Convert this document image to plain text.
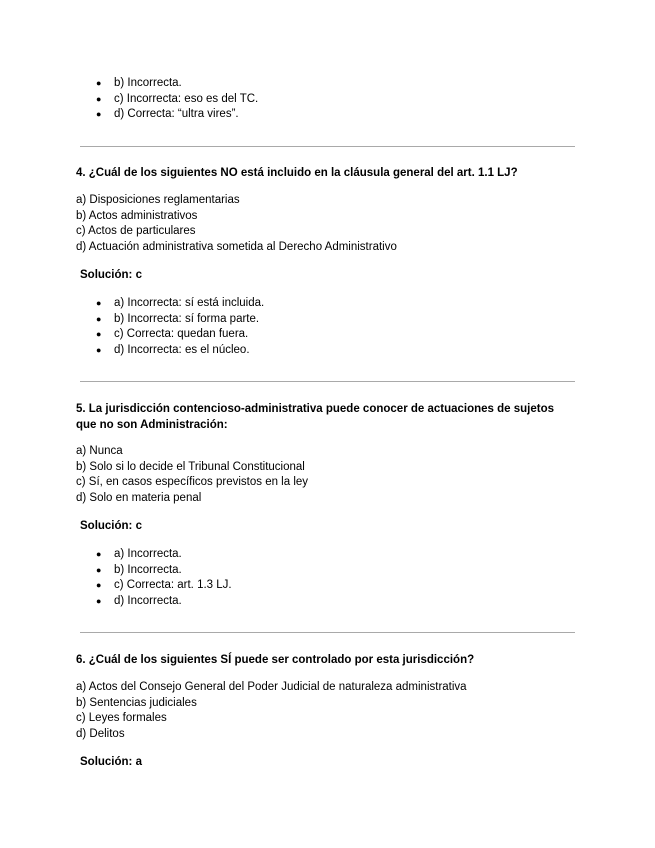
● b) Incorrecta.
● c) Incorrecta: eso es del TC.
● d) Correcta: “ultra vires”.
4. ¿Cuál de los siguientes NO está incluido en la cláusula general del art. 1.1 LJ?
a) Disposiciones reglamentarias
b) Actos administrativos
c) Actos de particulares
d) Actuación administrativa sometida al Derecho Administrativo
Solución: c
● a) Incorrecta: sí está incluida.
● b) Incorrecta: sí forma parte.
● c) Correcta: quedan fuera.
● d) Incorrecta: es el núcleo.
5. La jurisdicción contencioso-administrativa puede conocer de actuaciones de sujetos que no son Administración:
a) Nunca
b) Solo si lo decide el Tribunal Constitucional
c) Sí, en casos específicos previstos en la ley
d) Solo en materia penal
Solución: c
● a) Incorrecta.
● b) Incorrecta.
● c) Correcta: art. 1.3 LJ.
● d) Incorrecta.
6. ¿Cuál de los siguientes SÍ puede ser controlado por esta jurisdicción?
a) Actos del Consejo General del Poder Judicial de naturaleza administrativa
b) Sentencias judiciales
c) Leyes formales
d) Delitos
Solución: a
